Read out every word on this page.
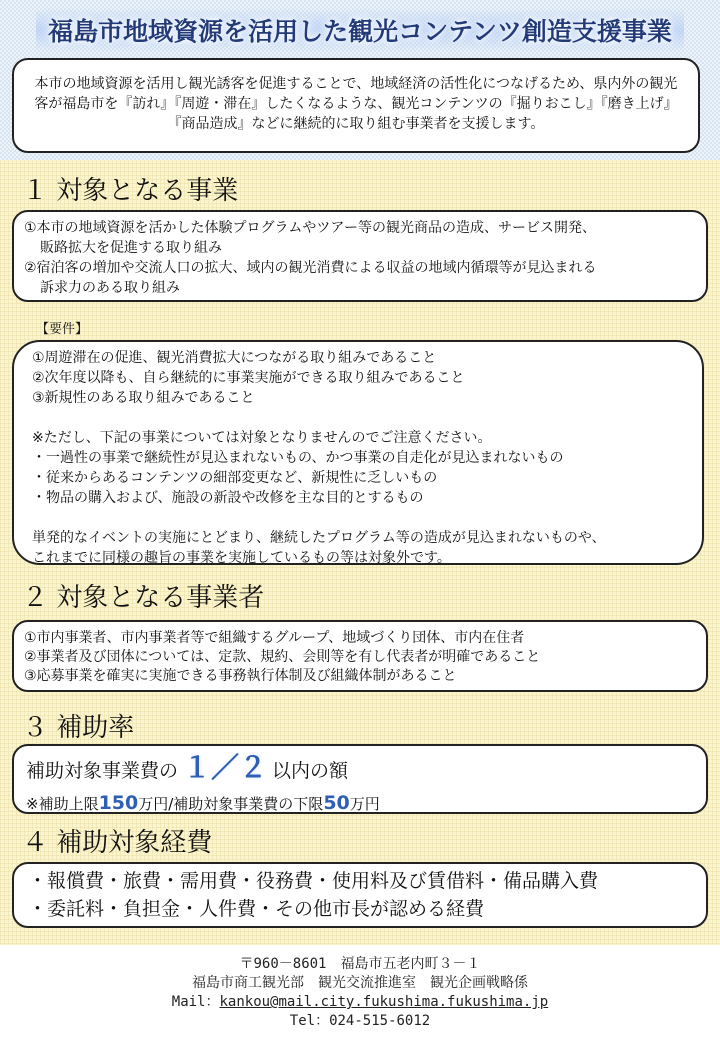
福島市地域資源を活用した観光コンテンツ創造支援事業
本市の地域資源を活用し観光誘客を促進することで、地域経済の活性化につなげるため、県内外の観光客が福島市を『訪れ』『周遊・滞在』したくなるような、観光コンテンツの『掘りおこし』『磨き上げ』『商品造成』などに継続的に取り組む事業者を支援します。
１ 対象となる事業
①本市の地域資源を活かした体験プログラムやツアー等の観光商品の造成、サービス開発、
販路拡大を促進する取り組み
②宿泊客の増加や交流人口の拡大、域内の観光消費による収益の地域内循環等が見込まれる
訴求力のある取り組み
【要件】
①周遊滞在の促進、観光消費拡大につながる取り組みであること
②次年度以降も、自ら継続的に事業実施ができる取り組みであること
③新規性のある取り組みであること
※ただし、下記の事業については対象となりませんのでご注意ください。
・一過性の事業で継続性が見込まれないもの、かつ事業の自走化が見込まれないもの
・従来からあるコンテンツの細部変更など、新規性に乏しいもの
・物品の購入および、施設の新設や改修を主な目的とするもの
単発的なイベントの実施にとどまり、継続したプログラム等の造成が見込まれないものや、
これまでに同様の趣旨の事業を実施しているもの等は対象外です。
２ 対象となる事業者
①市内事業者、市内事業者等で組織するグループ、地域づくり団体、市内在住者
②事業者及び団体については、定款、規約、会則等を有し代表者が明確であること
③応募事業を確実に実施できる事務執行体制及び組織体制があること
３ 補助率
補助対象事業費の １／２ 以内の額
※補助上限150万円/補助対象事業費の下限50万円
４ 補助対象経費
・報償費・旅費・需用費・役務費・使用料及び賃借料・備品購入費
・委託料・負担金・人件費・その他市長が認める経費
〒960－8601　福島市五老内町３－１
福島市商工観光部　観光交流推進室　観光企画戦略係
Mail：kankou@mail.city.fukushima.fukushima.jp
Tel：024-515-6012
